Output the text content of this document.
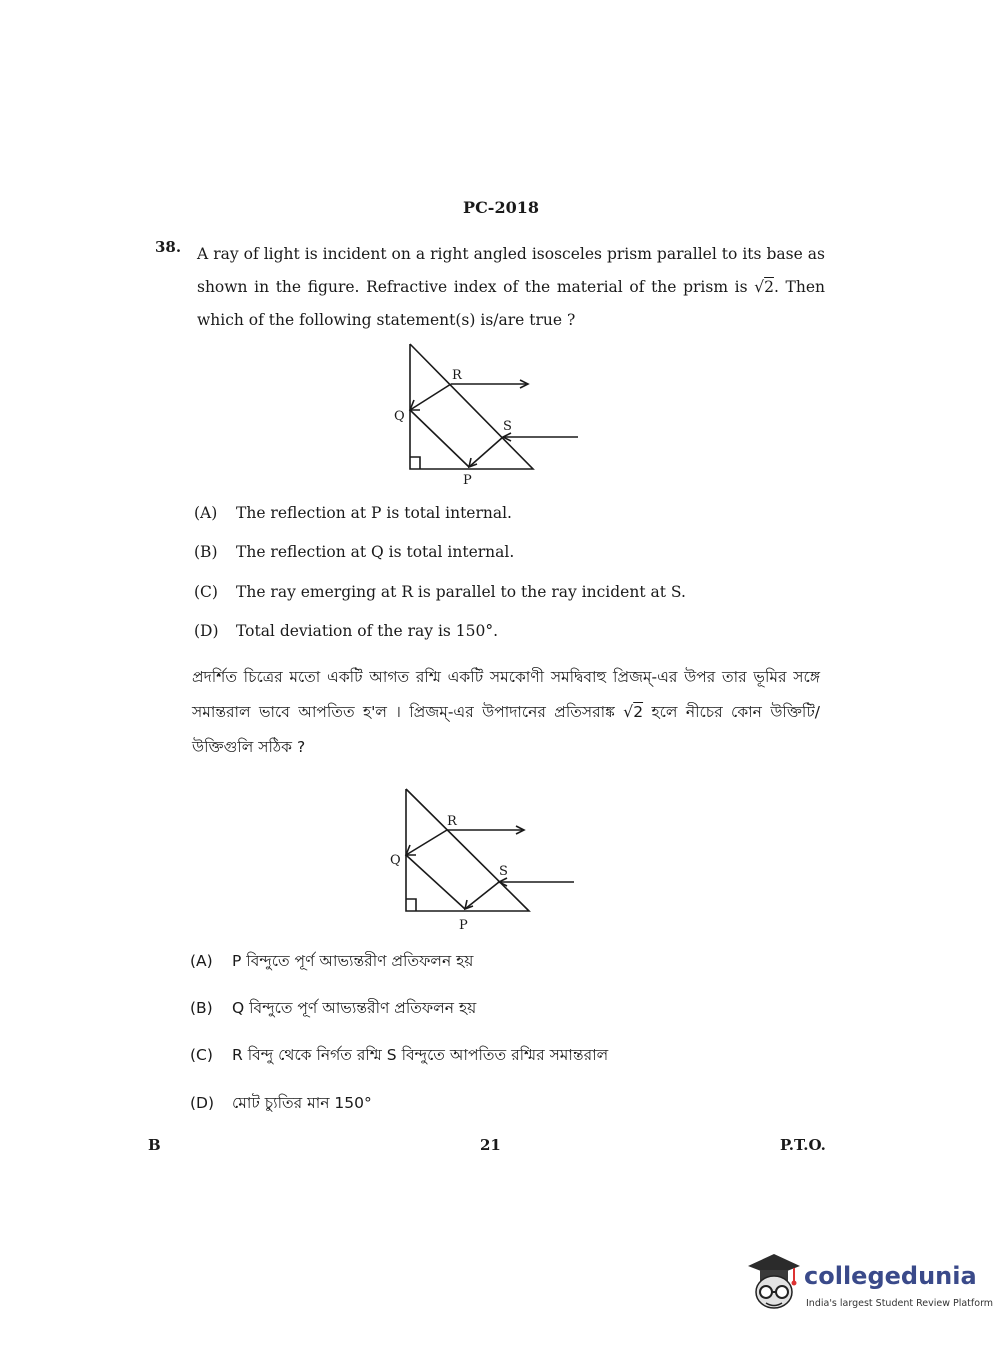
PC-2018
38. A ray of light is incident on a right angled isosceles prism parallel to its base as shown in the figure. Refractive index of the material of the prism is √2. Then which of the following statement(s) is/are true ?
R
Q
S
P
(A) The reflection at P is total internal.
(B) The reflection at Q is total internal.
(C) The ray emerging at R is parallel to the ray incident at S.
(D) Total deviation of the ray is 150°.
প্রদর্শিত চিত্রের মতো একটি আগত রশ্মি একটি সমকোণী সমদ্বিবাহু প্রিজম্-এর উপর তার ভূমির সঙ্গে সমান্তরাল ভাবে আপতিত হ'ল । প্রিজম্-এর উপাদানের প্রতিসরাঙ্ক √2 হলে নীচের কোন উক্তিটি/উক্তিগুলি সঠিক ?
R
Q
S
P
(A) P বিন্দুতে পূর্ণ আভ্যন্তরীণ প্রতিফলন হয়
(B) Q বিন্দুতে পূর্ণ আভ্যন্তরীণ প্রতিফলন হয়
(C) R বিন্দু থেকে নির্গত রশ্মি S বিন্দুতে আপতিত রশ্মির সমান্তরাল
(D) মোট চ্যুতির মান 150°
B	21	P.T.O.
collegedunia
India's largest Student Review Platform
